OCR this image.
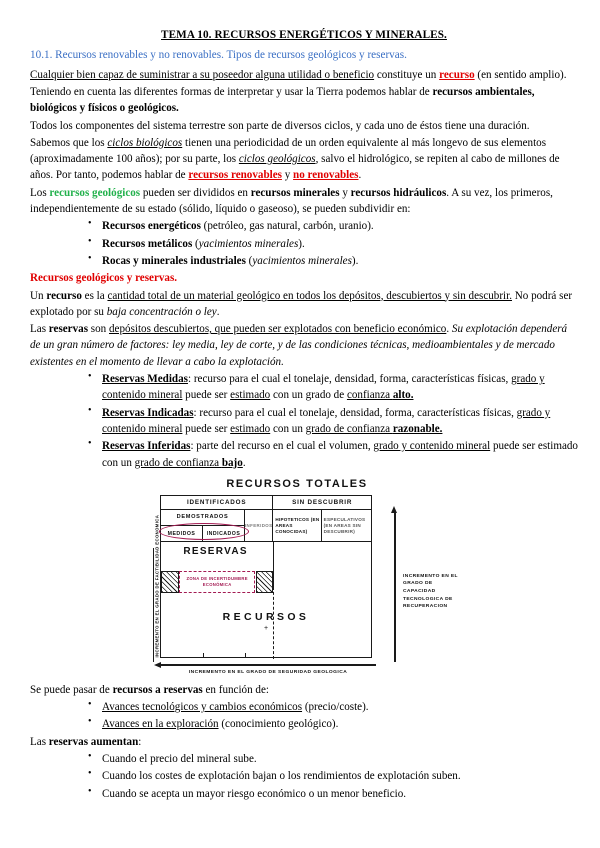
TEMA 10. RECURSOS ENERGÉTICOS Y MINERALES.
10.1. Recursos renovables y no renovables. Tipos de recursos geológicos y reservas.

Cualquier bien capaz de suministrar a su poseedor alguna utilidad o beneficio constituye un recurso (en sentido amplio).

Teniendo en cuenta las diferentes formas de interpretar y usar la Tierra podemos hablar de recursos ambientales, biológicos y físicos o geológicos.

Todos los componentes del sistema terrestre son parte de diversos ciclos, y cada uno de éstos tiene una duración.

Sabemos que los ciclos biológicos tienen una periodicidad de un orden equivalente al más longevo de sus elementos (aproximadamente 100 años); por su parte, los ciclos geológicos, salvo el hidrológico, se repiten al cabo de millones de años. Por tanto, podemos hablar de recursos renovables y no renovables.

Los recursos geológicos pueden ser divididos en recursos minerales y recursos hidráulicos. A su vez, los primeros, independientemente de su estado (sólido, líquido o gaseoso), se pueden subdividir en:

• Recursos energéticos (petróleo, gas natural, carbón, uranio).
• Recursos metálicos (yacimientos minerales).
• Rocas y minerales industriales (yacimientos minerales).

Recursos geológicos y reservas.

Un recurso es la cantidad total de un material geológico en todos los depósitos, descubiertos y sin descubrir. No podrá ser explotado por su baja concentración o ley.

Las reservas son depósitos descubiertos, que pueden ser explotados con beneficio económico. Su explotación dependerá de un gran número de factores: ley media, ley de corte, y de las condiciones técnicas, medioambientales y de mercado existentes en el momento de llevar a cabo la explotación.

• Reservas Medidas: recurso para el cual el tonelaje, densidad, forma, características físicas, grado y contenido mineral puede ser estimado con un grado de confianza alto.
• Reservas Indicadas: recurso para el cual el tonelaje, densidad, forma, características físicas, grado y contenido mineral puede ser estimado con un grado de confianza razonable.
• Reservas Inferidas: parte del recurso en el cual el volumen, grado y contenido mineral puede ser estimado con un grado de confianza bajo.
RECURSOS TOTALES
IDENTIFICADOS	SIN DESCUBRIR
DEMOSTRADOS
MEDIDOS	INDICADOS
INFERIDOS
HIPOTETICOS (EN AREAS CONOCIDAS)
ESPECULATIVOS (EN AREAS SIN DESCUBRIR)
RESERVAS
ZONA DE INCERTIDUMBRE ECONÓMICA
RECURSOS
+
INCREMENTO EN EL GRADO DE FACTIBILIDAD ECONOMICA
INCREMENTO EN EL GRADO DE SEGURIDAD GEOLOGICA
INCREMENTO EN EL GRADO DE CAPACIDAD TECNOLOGICA DE RECUPERACION

Se puede pasar de recursos a reservas en función de:

• Avances tecnológicos y cambios económicos (precio/coste).
• Avances en la exploración (conocimiento geológico).

Las reservas aumentan:

• Cuando el precio del mineral sube.
• Cuando los costes de explotación bajan o los rendimientos de explotación suben.
• Cuando se acepta un mayor riesgo económico o un menor beneficio.
